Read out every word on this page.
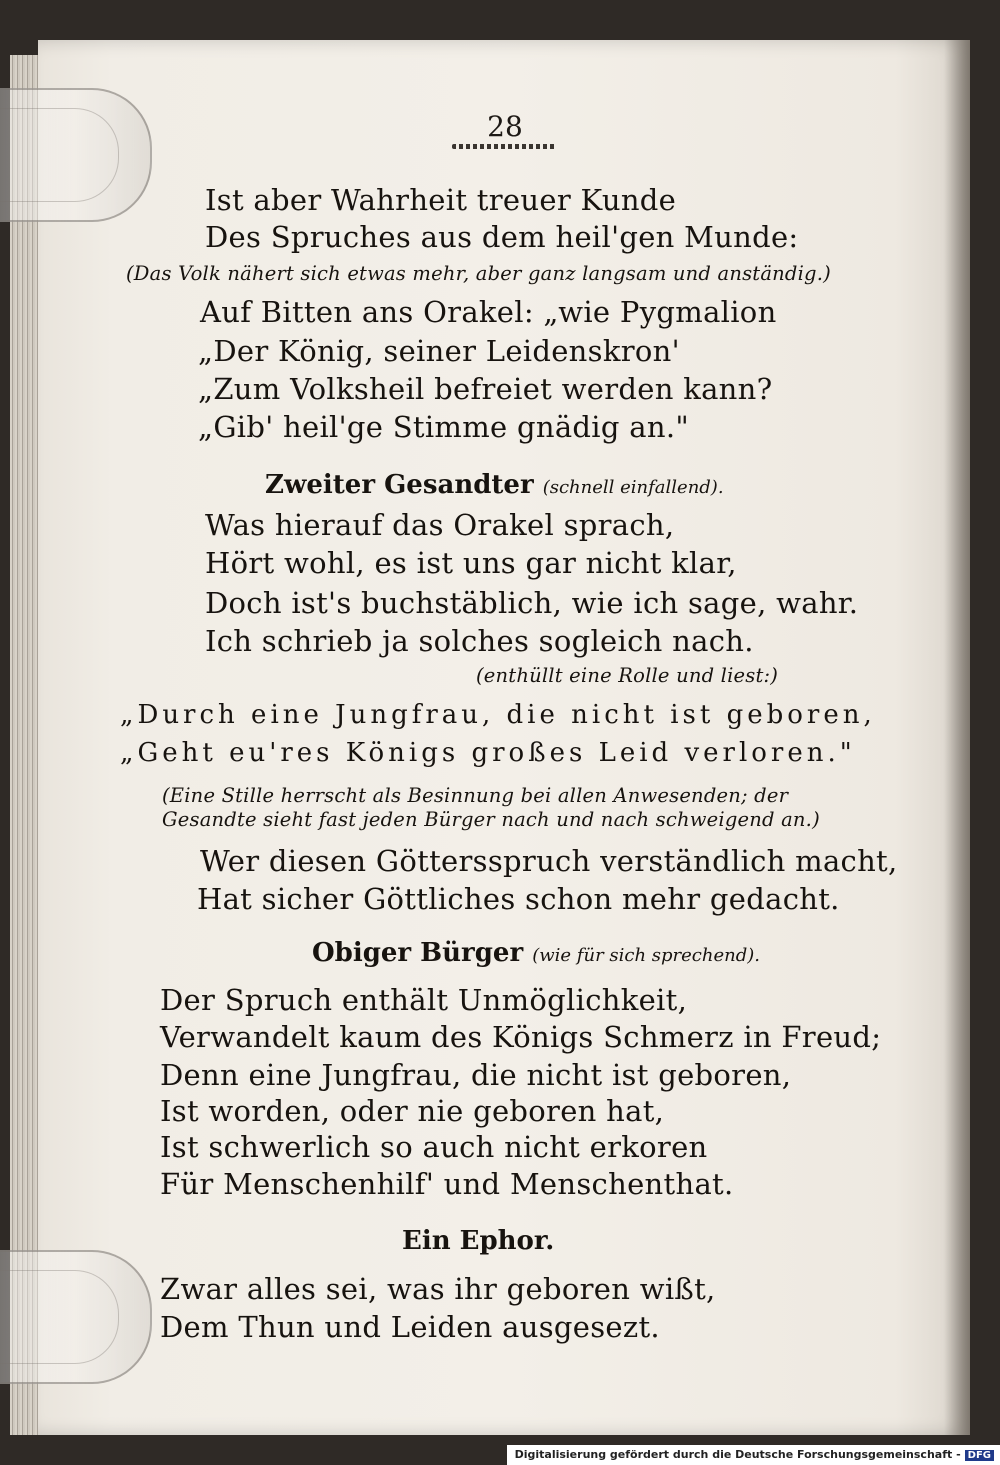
28
Ist aber Wahrheit treuer Kunde
Des Spruches aus dem heil'gen Munde:
(Das Volk nähert sich etwas mehr, aber ganz langsam und anständig.)
Auf Bitten ans Orakel: „wie Pygmalion
„Der König, seiner Leidenskron'
„Zum Volksheil befreiet werden kann?
„Gib' heil'ge Stimme gnädig an."
Zweiter Gesandter (schnell einfallend).
Was hierauf das Orakel sprach,
Hört wohl, es ist uns gar nicht klar,
Doch ist's buchstäblich, wie ich sage, wahr.
Ich schrieb ja solches sogleich nach.
(enthüllt eine Rolle und liest:)
„Durch eine Jungfrau, die nicht ist geboren,
„Geht eu'res Königs großes Leid verloren."
(Eine Stille herrscht als Besinnung bei allen Anwesenden; der
Gesandte sieht fast jeden Bürger nach und nach schweigend an.)
Wer diesen Göttersspruch verständlich macht,
Hat sicher Göttliches schon mehr gedacht.
Obiger Bürger (wie für sich sprechend).
Der Spruch enthält Unmöglichkeit,
Verwandelt kaum des Königs Schmerz in Freud;
Denn eine Jungfrau, die nicht ist geboren,
Ist worden, oder nie geboren hat,
Ist schwerlich so auch nicht erkoren
Für Menschenhilf' und Menschenthat.
Ein Ephor.
Zwar alles sei, was ihr geboren wißt,
Dem Thun und Leiden ausgesezt.
Digitalisierung gefördert durch die Deutsche Forschungsgemeinschaft - DFG
